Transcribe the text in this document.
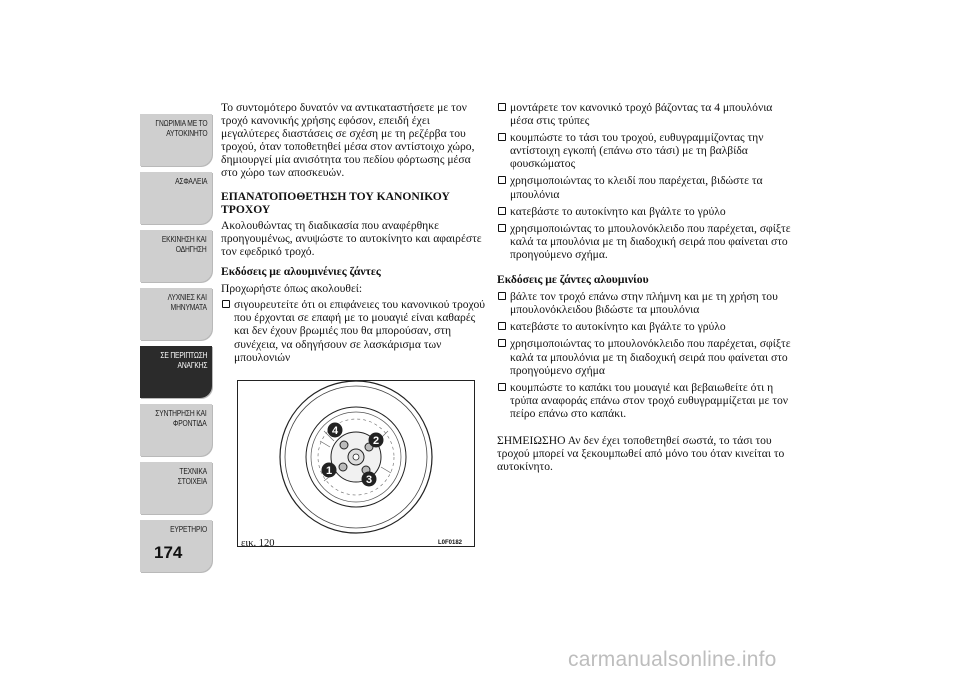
ΓΝΩΡΙΜΙΑ ΜΕ ΤΟ
ΑΥΤΟΚΙΝΗΤΟ
ΑΣΦΑΛΕΙΑ
ΕΚΚΙΝΗΣΗ ΚΑΙ
ΟΔΗΓΗΣΗ
ΛΥΧΝΙΕΣ ΚΑΙ
ΜΗΝΥΜΑΤΑ
ΣΕ ΠΕΡΙΠΤΩΣΗ
ΑΝΑΓΚΗΣ
ΣΥΝΤΗΡΗΣΗ ΚΑΙ
ΦΡΟΝΤΙΔΑ
ΤΕΧΝΙΚΑ ΣΤΟΙΧΕΙΑ
ΕΥΡΕΤΗΡΙΟ
174

Το συντομότερο δυνατόν να αντικαταστήσετε με τον τροχό κανονικής χρήσης εφόσον, επειδή έχει μεγαλύτερες διαστάσεις σε σχέση με τη ρεζέρβα του τροχού, όταν τοποθετηθεί μέσα στον αντίστοιχο χώρο, δημιουργεί μία ανισότητα του πεδίου φόρτωσης μέσα στο χώρο των αποσκευών.

ΕΠΑΝΑΤΟΠΟΘΕΤΗΣΗ ΤΟΥ ΚΑΝΟΝΙΚΟΥ ΤΡΟΧΟΥ

Ακολουθώντας τη διαδικασία που αναφέρθηκε προηγουμένως, ανυψώστε το αυτοκίνητο και αφαιρέστε τον εφεδρικό τροχό.

Εκδόσεις με αλουμινένιες ζάντες

Προχωρήστε όπως ακολουθεί:

σιγουρευτείτε ότι οι επιφάνειες του κανονικού τροχού που έρχονται σε επαφή με το μουαγιέ είναι καθαρές και δεν έχουν βρωμιές που θα μπορούσαν, στη συνέχεια, να οδηγήσουν σε λασκάρισμα των μπουλονιών
4
2
1
3
εικ. 120	L0F0182
μοντάρετε τον κανονικό τροχό βάζοντας τα 4 μπουλόνια μέσα στις τρύπες
κουμπώστε το τάσι του τροχού, ευθυγραμμίζοντας την αντίστοιχη εγκοπή (επάνω στο τάσι) με τη βαλβίδα φουσκώματος
χρησιμοποιώντας το κλειδί που παρέχεται, βιδώστε τα μπουλόνια
κατεβάστε το αυτοκίνητο και βγάλτε το γρύλο
χρησιμοποιώντας το μπουλονόκλειδο που παρέχεται, σφίξτε καλά τα μπουλόνια με τη διαδοχική σειρά που φαίνεται στο προηγούμενο σχήμα.

Εκδόσεις με ζάντες αλουμινίου

βάλτε τον τροχό επάνω στην πλήμνη και με τη χρήση του μπουλονόκλειδου βιδώστε τα μπουλόνια
κατεβάστε το αυτοκίνητο και βγάλτε το γρύλο
χρησιμοποιώντας το μπουλονόκλειδο που παρέχεται, σφίξτε καλά τα μπουλόνια με τη διαδοχική σειρά που φαίνεται στο προηγούμενο σχήμα
κουμπώστε το καπάκι του μουαγιέ και βεβαιωθείτε ότι η τρύπα αναφοράς επάνω στον τροχό ευθυγραμμίζεται με τον πείρο επάνω στο καπάκι.

ΣΗΜΕΙΩΣΗΟ Αν δεν έχει τοποθετηθεί σωστά, το τάσι του τροχού μπορεί να ξεκουμπωθεί από μόνο του όταν κινείται το αυτοκίνητο.

carmanualsonline.info
